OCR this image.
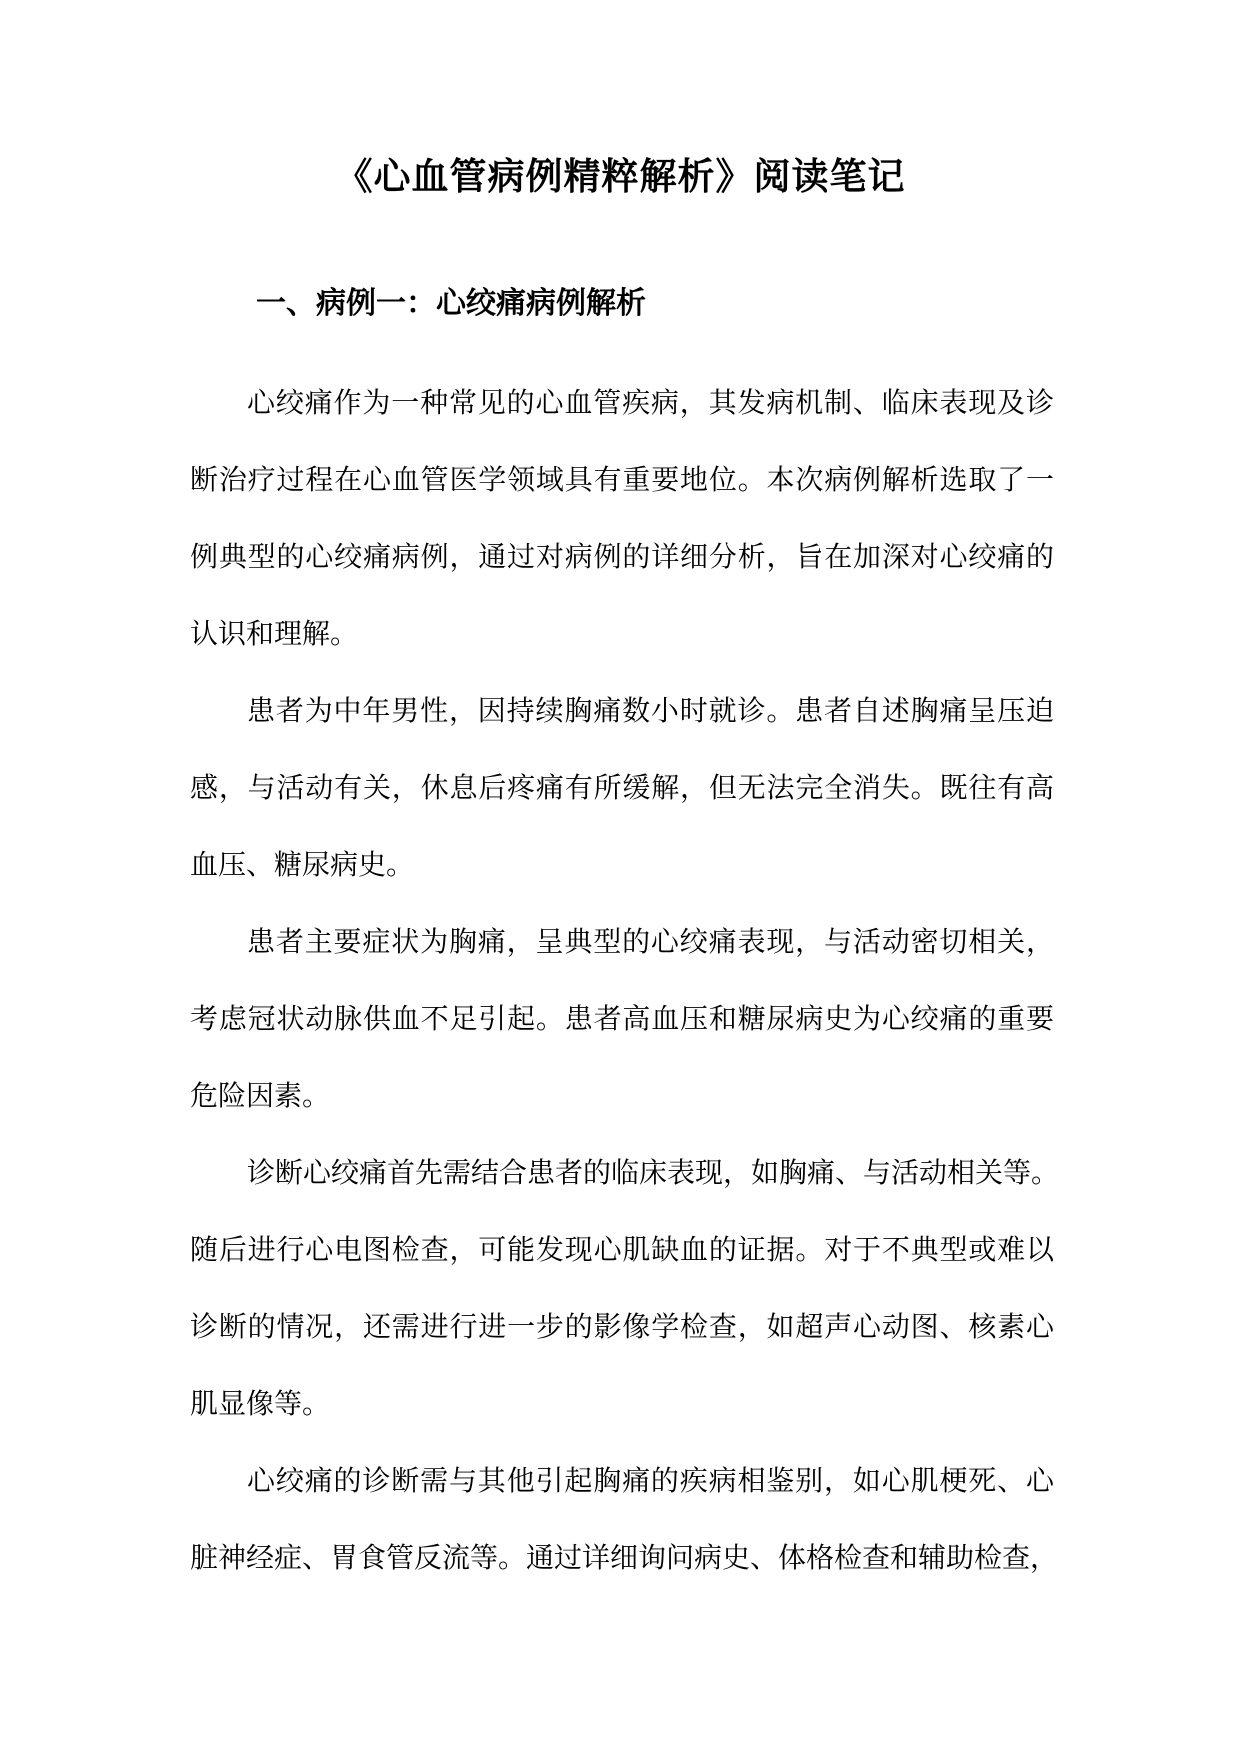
《心血管病例精粹解析》阅读笔记
一、病例一：心绞痛病例解析
心绞痛作为一种常见的心血管疾病，其发病机制、临床表现及诊
断治疗过程在心血管医学领域具有重要地位。本次病例解析选取了一
例典型的心绞痛病例，通过对病例的详细分析，旨在加深对心绞痛的
认识和理解。
患者为中年男性，因持续胸痛数小时就诊。患者自述胸痛呈压迫
感，与活动有关，休息后疼痛有所缓解，但无法完全消失。既往有高
血压、糖尿病史。
患者主要症状为胸痛，呈典型的心绞痛表现，与活动密切相关，
考虑冠状动脉供血不足引起。患者高血压和糖尿病史为心绞痛的重要
危险因素。
诊断心绞痛首先需结合患者的临床表现，如胸痛、与活动相关等。
随后进行心电图检查，可能发现心肌缺血的证据。对于不典型或难以
诊断的情况，还需进行进一步的影像学检查，如超声心动图、核素心
肌显像等。
心绞痛的诊断需与其他引起胸痛的疾病相鉴别，如心肌梗死、心
脏神经症、胃食管反流等。通过详细询问病史、体格检查和辅助检查，
